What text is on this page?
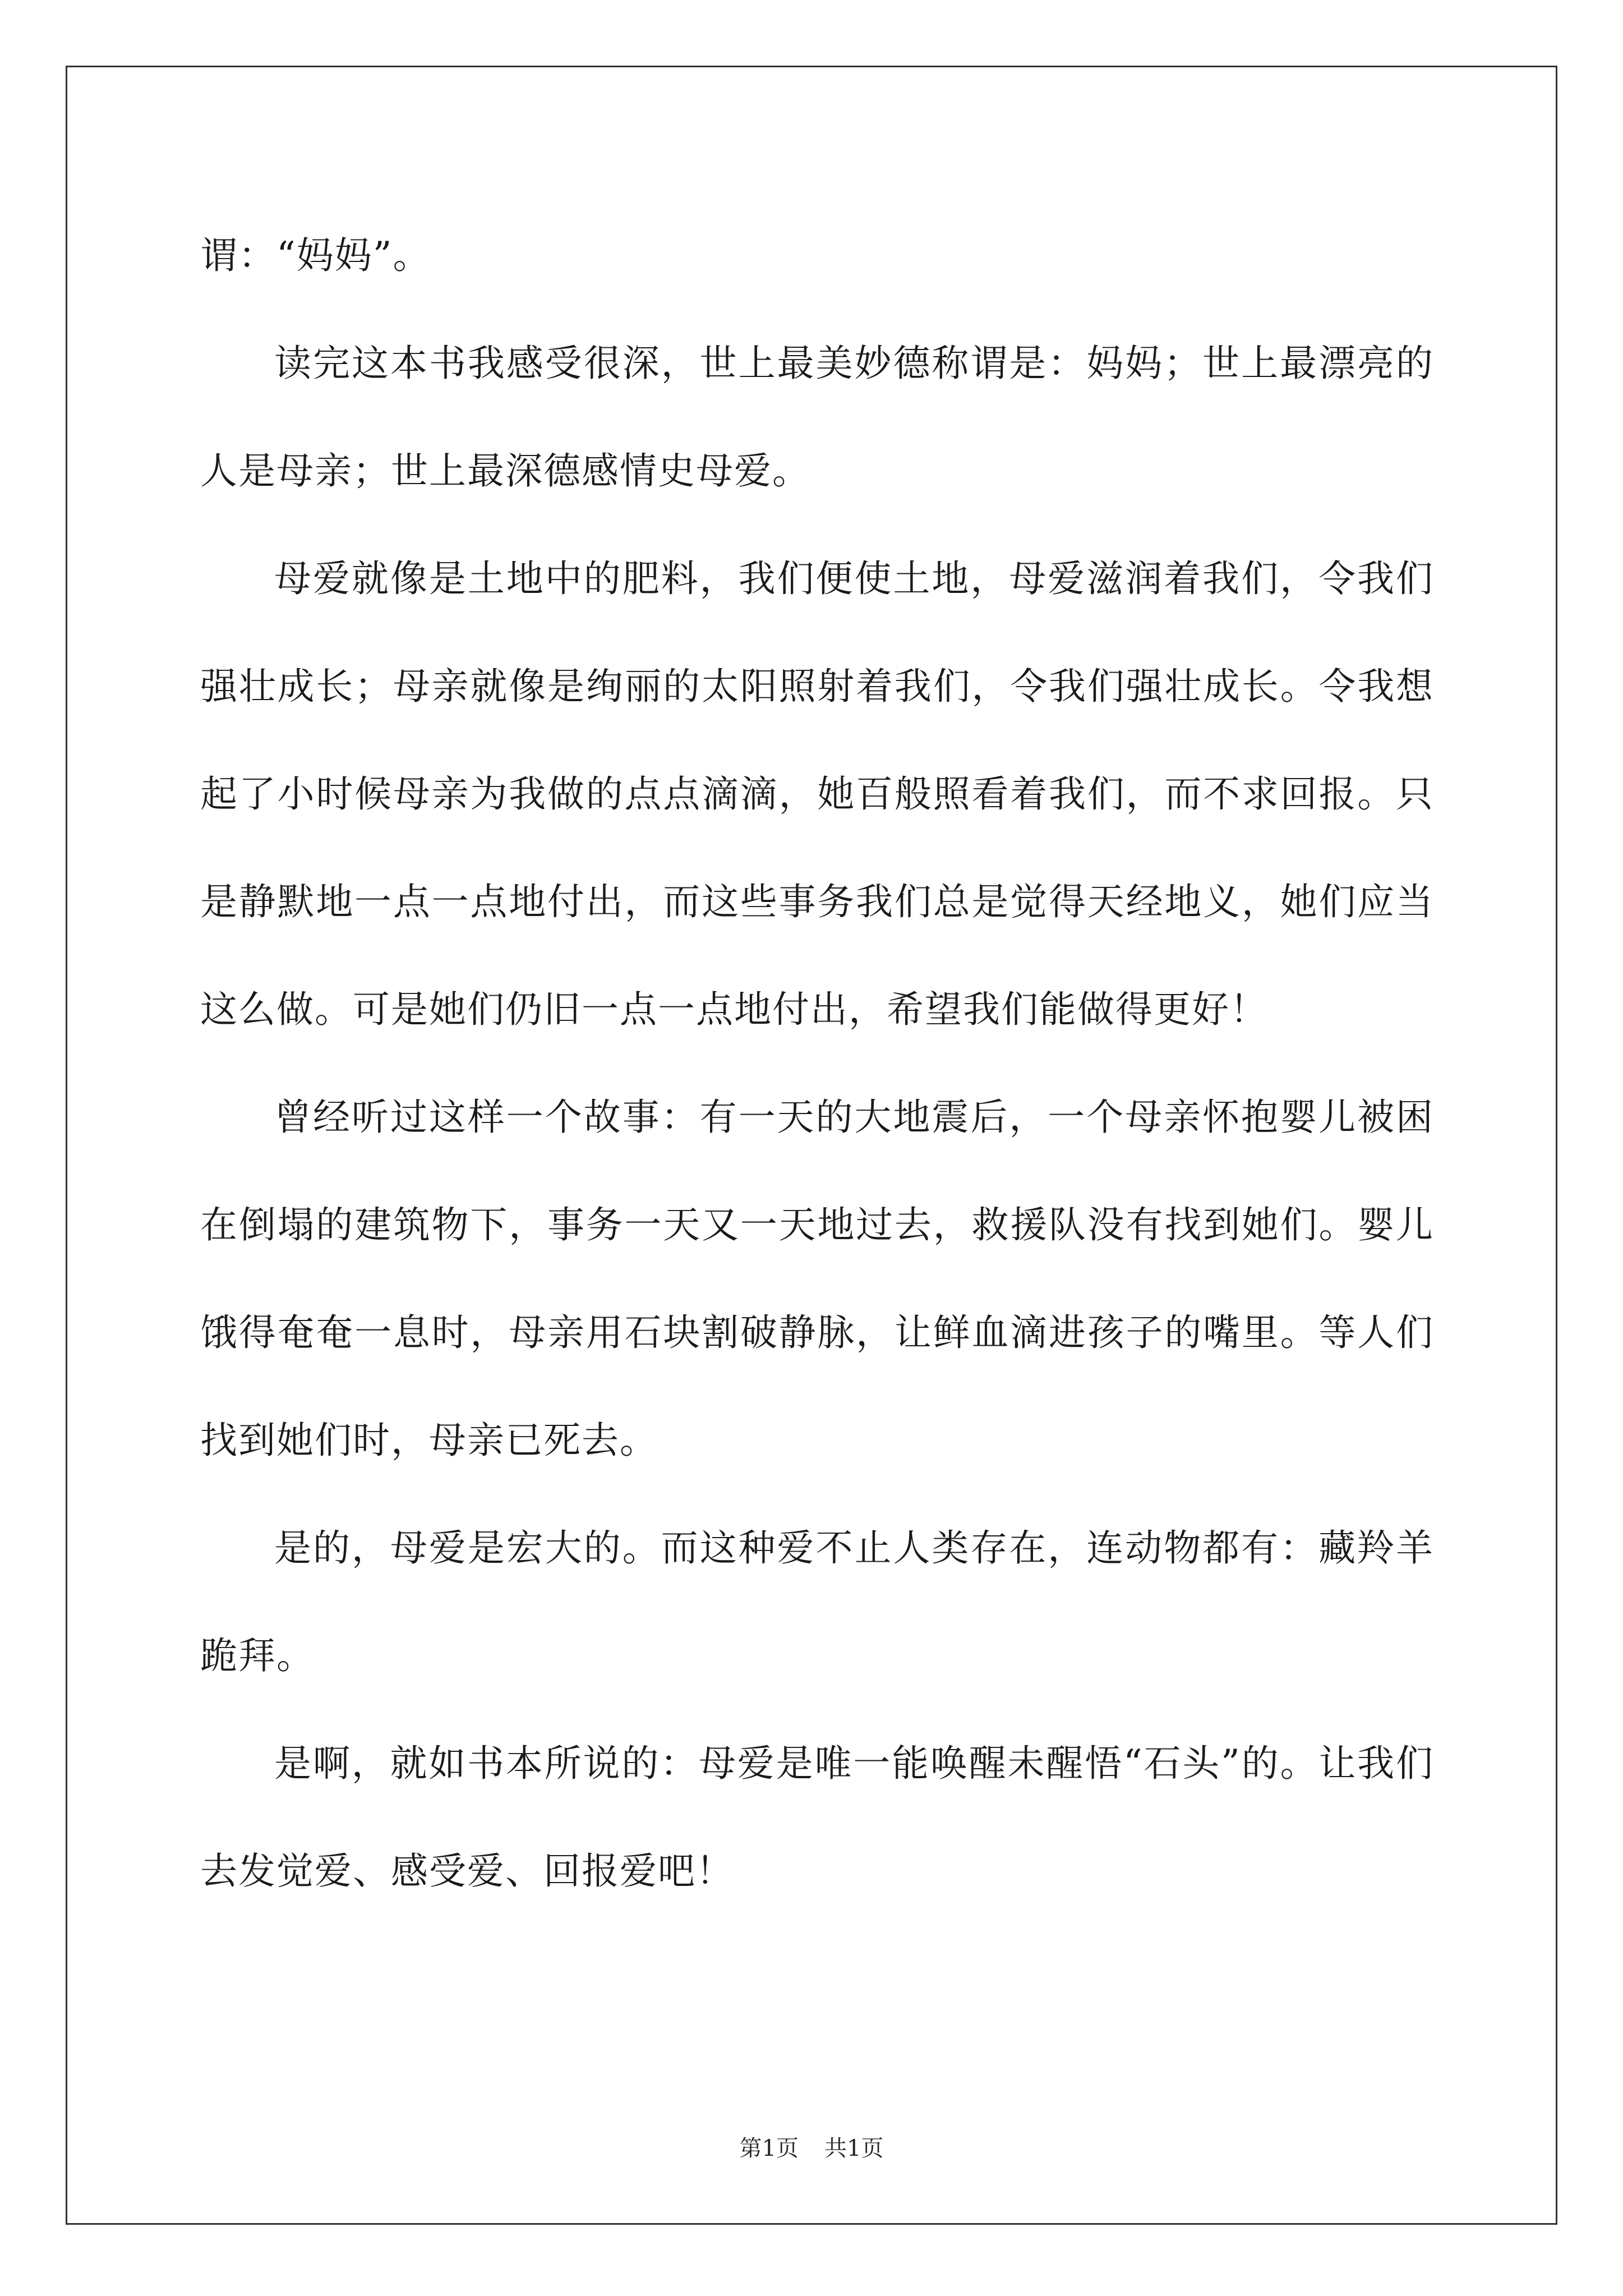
谓：“妈妈”。

读完这本书我感受很深，世上最美妙德称谓是：妈妈；世上最漂亮的人是母亲；世上最深德感情史母爱。

母爱就像是土地中的肥料，我们便使土地，母爱滋润着我们，令我们强壮成长；母亲就像是绚丽的太阳照射着我们，令我们强壮成长。令我想起了小时候母亲为我做的点点滴滴，她百般照看着我们，而不求回报。只是静默地一点一点地付出，而这些事务我们总是觉得天经地义，她们应当这么做。可是她们仍旧一点一点地付出，希望我们能做得更好！

曾经听过这样一个故事：有一天的大地震后，一个母亲怀抱婴儿被困在倒塌的建筑物下，事务一天又一天地过去，救援队没有找到她们。婴儿饿得奄奄一息时，母亲用石块割破静脉，让鲜血滴进孩子的嘴里。等人们找到她们时，母亲已死去。

是的，母爱是宏大的。而这种爱不止人类存在，连动物都有：藏羚羊跪拜。

是啊，就如书本所说的：母爱是唯一能唤醒未醒悟“石头”的。让我们去发觉爱、感受爱、回报爱吧！

第1页 共1页
